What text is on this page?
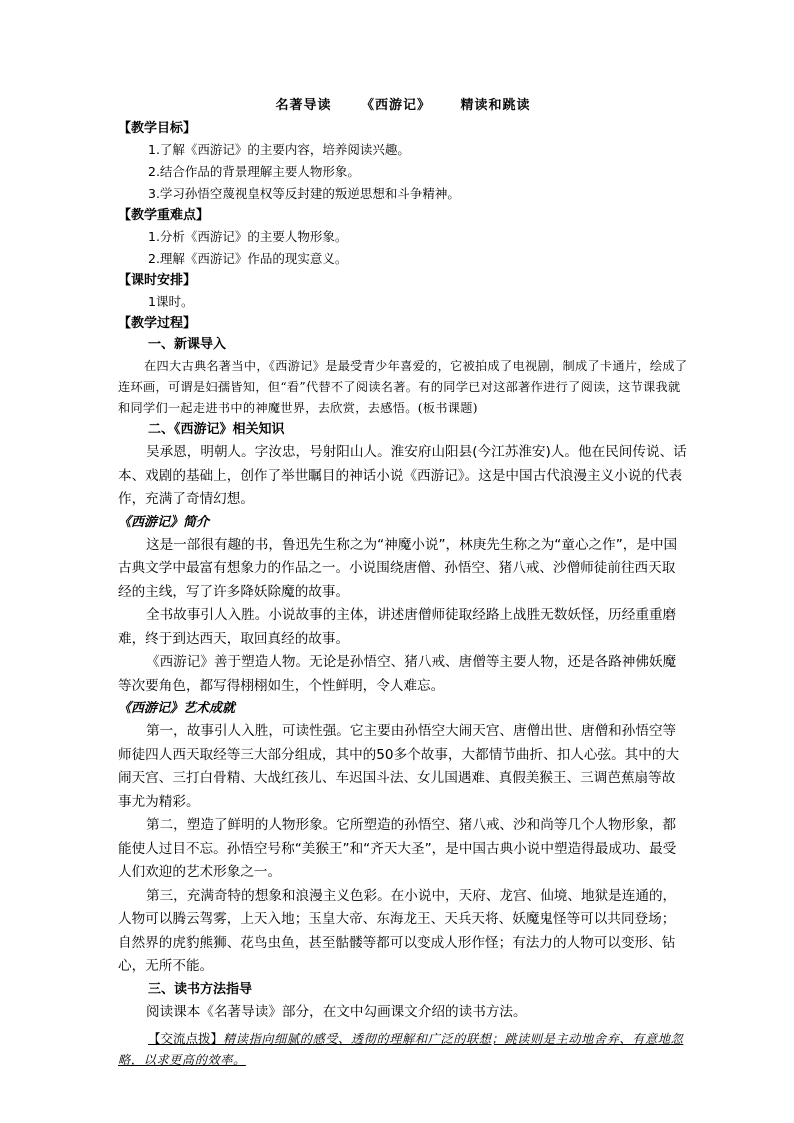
名著导读 《西游记》 精读和跳读
【教学目标】
1.了解《西游记》的主要内容，培养阅读兴趣。
2.结合作品的背景理解主要人物形象。
3.学习孙悟空蔑视皇权等反封建的叛逆思想和斗争精神。
【教学重难点】
1.分析《西游记》的主要人物形象。
2.理解《西游记》作品的现实意义。
【课时安排】
1课时。
【教学过程】
一、新课导入

在四大古典名著当中，《西游记》是最受青少年喜爱的，它被拍成了电视剧，制成了卡通片，绘成了连环画，可谓是妇孺皆知，但“看”代替不了阅读名著。有的同学已对这部著作进行了阅读，这节课我就和同学们一起走进书中的神魔世界，去欣赏，去感悟。(板书课题)

二、《西游记》相关知识

吴承恩，明朝人。字汝忠，号射阳山人。淮安府山阳县(今江苏淮安)人。他在民间传说、话本、戏剧的基础上，创作了举世瞩目的神话小说《西游记》。这是中国古代浪漫主义小说的代表作，充满了奇情幻想。

《西游记》简介

这是一部很有趣的书，鲁迅先生称之为“神魔小说”，林庚先生称之为“童心之作”，是中国古典文学中最富有想象力的作品之一。小说围绕唐僧、孙悟空、猪八戒、沙僧师徒前往西天取经的主线，写了许多降妖除魔的故事。

全书故事引人入胜。小说故事的主体，讲述唐僧师徒取经路上战胜无数妖怪，历经重重磨难，终于到达西天，取回真经的故事。

《西游记》善于塑造人物。无论是孙悟空、猪八戒、唐僧等主要人物，还是各路神佛妖魔等次要角色，都写得栩栩如生，个性鲜明，令人难忘。

《西游记》艺术成就

第一，故事引人入胜，可读性强。它主要由孙悟空大闹天宫、唐僧出世、唐僧和孙悟空等师徒四人西天取经等三大部分组成，其中的50多个故事，大都情节曲折、扣人心弦。其中的大闹天宫、三打白骨精、大战红孩儿、车迟国斗法、女儿国遇难、真假美猴王、三调芭蕉扇等故事尤为精彩。

第二，塑造了鲜明的人物形象。它所塑造的孙悟空、猪八戒、沙和尚等几个人物形象，都能使人过目不忘。孙悟空号称“美猴王”和“齐天大圣”，是中国古典小说中塑造得最成功、最受人们欢迎的艺术形象之一。

第三，充满奇特的想象和浪漫主义色彩。在小说中，天府、龙宫、仙境、地狱是连通的，人物可以腾云驾雾，上天入地；玉皇大帝、东海龙王、天兵天将、妖魔鬼怪等可以共同登场；自然界的虎豹熊狮、花鸟虫鱼，甚至骷髅等都可以变成人形作怪；有法力的人物可以变形、钻心，无所不能。

三、读书方法指导

阅读课本《名著导读》部分，在文中勾画课文介绍的读书方法。

【交流点拨】精读指向细腻的感受、透彻的理解和广泛的联想；跳读则是主动地舍弃、有意地忽略，以求更高的效率。
